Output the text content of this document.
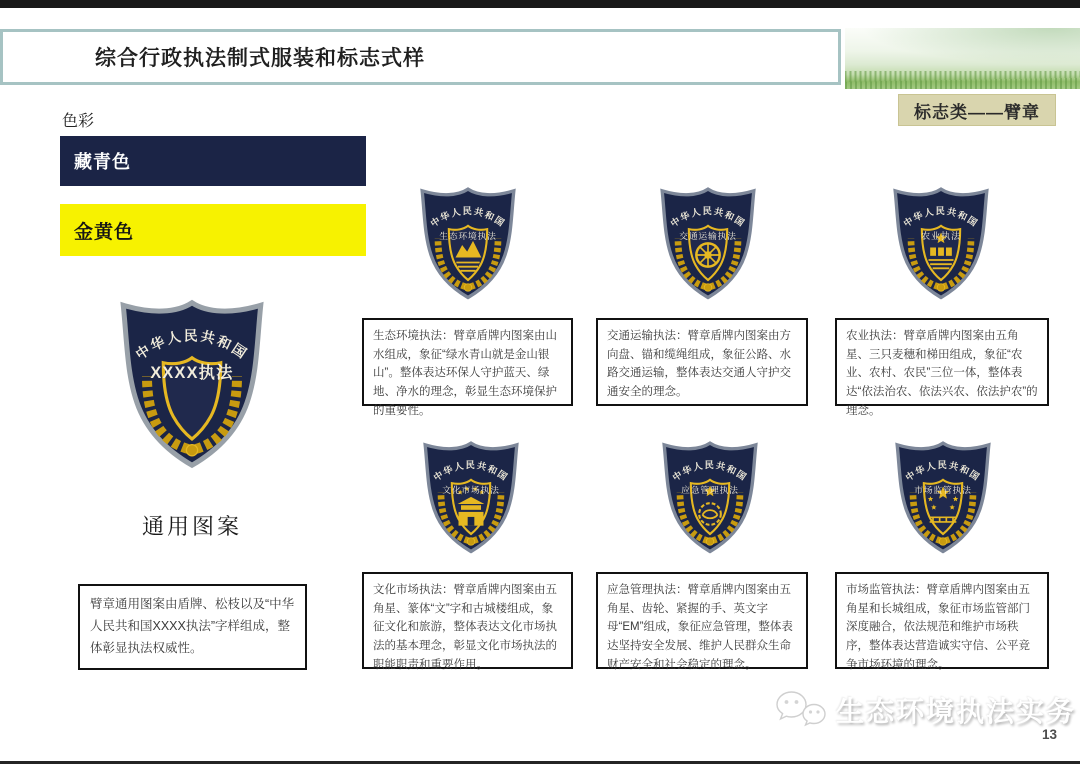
综合行政执法制式服装和标志式样
标志类——臂章
色彩
藏青色
金黄色
中华人民共和国
XXXX执法
通用图案
臂章通用图案由盾牌、松枝以及“中华人民共和国XXXX执法”字样组成，整体彰显执法权威性。
中华人民共和国
生态环境执法
中华人民共和国
交通运输执法
中华人民共和国
农业执法
中华人民共和国
文化市场执法
中华人民共和国
应急管理执法
中华人民共和国
市场监管执法
生态环境执法：臂章盾牌内图案由山水组成，象征“绿水青山就是金山银山”。整体表达环保人守护蓝天、绿地、净水的理念，彰显生态环境保护的重要性。
交通运输执法：臂章盾牌内图案由方向盘、锚和缆绳组成，象征公路、水路交通运输，整体表达交通人守护交通安全的理念。
农业执法：臂章盾牌内图案由五角星、三只麦穗和梯田组成，象征“农业、农村、农民”三位一体，整体表达“依法治农、依法兴农、依法护农”的理念。
文化市场执法：臂章盾牌内图案由五角星、篆体“文”字和古城楼组成，象征文化和旅游，整体表达文化市场执法的基本理念，彰显文化市场执法的职能职责和重要作用。
应急管理执法：臂章盾牌内图案由五角星、齿轮、紧握的手、英文字母“EM”组成，象征应急管理，整体表达坚持安全发展、维护人民群众生命财产安全和社会稳定的理念。
市场监管执法：臂章盾牌内图案由五角星和长城组成，象征市场监管部门深度融合，依法规范和维护市场秩序，整体表达营造诚实守信、公平竞争市场环境的理念。
生态环境执法实务
13
